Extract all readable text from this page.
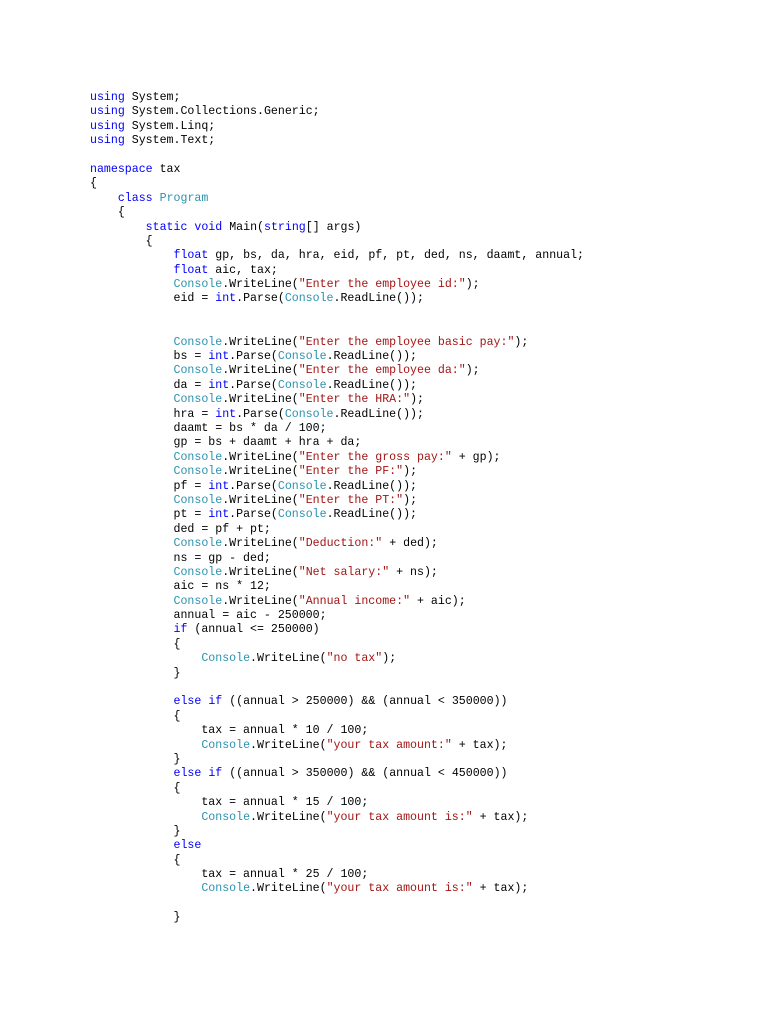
using System;
using System.Collections.Generic;
using System.Linq;
using System.Text;
namespace tax
{
class Program
{
static void Main(string[] args)
{
float gp, bs, da, hra, eid, pf, pt, ded, ns, daamt, annual;
float aic, tax;
Console.WriteLine("Enter the employee id:");
eid = int.Parse(Console.ReadLine());
Console.WriteLine("Enter the employee basic pay:");
bs = int.Parse(Console.ReadLine());
Console.WriteLine("Enter the employee da:");
da = int.Parse(Console.ReadLine());
Console.WriteLine("Enter the HRA:");
hra = int.Parse(Console.ReadLine());
daamt = bs * da / 100;
gp = bs + daamt + hra + da;
Console.WriteLine("Enter the gross pay:" + gp);
Console.WriteLine("Enter the PF:");
pf = int.Parse(Console.ReadLine());
Console.WriteLine("Enter the PT:");
pt = int.Parse(Console.ReadLine());
ded = pf + pt;
Console.WriteLine("Deduction:" + ded);
ns = gp - ded;
Console.WriteLine("Net salary:" + ns);
aic = ns * 12;
Console.WriteLine("Annual income:" + aic);
annual = aic - 250000;
if (annual <= 250000)
{
Console.WriteLine("no tax");
}
else if ((annual > 250000) && (annual < 350000))
{
tax = annual * 10 / 100;
Console.WriteLine("your tax amount:" + tax);
}
else if ((annual > 350000) && (annual < 450000))
{
tax = annual * 15 / 100;
Console.WriteLine("your tax amount is:" + tax);
}
else
{
tax = annual * 25 / 100;
Console.WriteLine("your tax amount is:" + tax);
}
